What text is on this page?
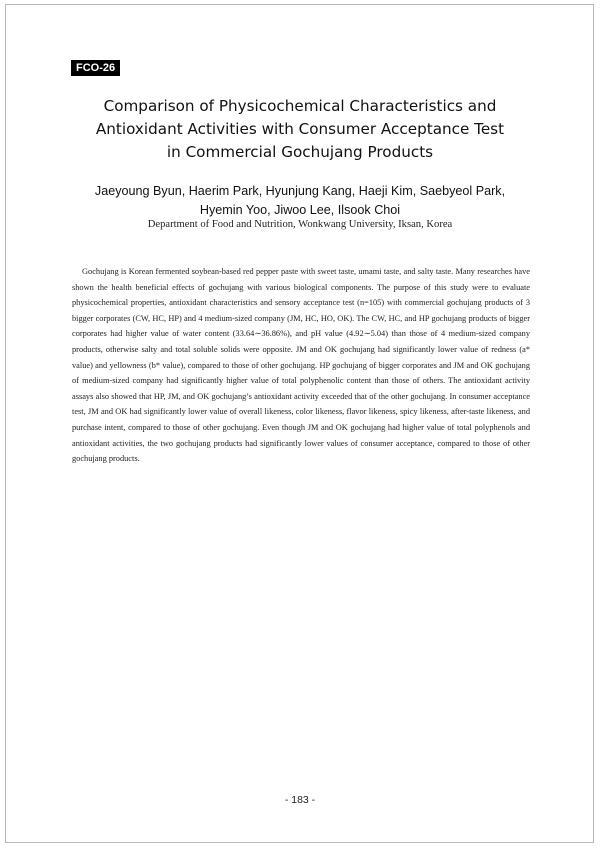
FCO-26
Comparison of Physicochemical Characteristics and
Antioxidant Activities with Consumer Acceptance Test
in Commercial Gochujang Products
Jaeyoung Byun, Haerim Park, Hyunjung Kang, Haeji Kim, Saebyeol Park,
Hyemin Yoo, Jiwoo Lee, Ilsook Choi
Department of Food and Nutrition, Wonkwang University, Iksan, Korea

Gochujang is Korean fermented soybean-based red pepper paste with sweet taste, umami taste, and salty taste. Many researches have shown the health beneficial effects of gochujang with various biological components. The purpose of this study were to evaluate physicochemical properties, antioxidant characteristics and sensory acceptance test (n=105) with commercial gochujang products of 3 bigger corporates (CW, HC, HP) and 4 medium-sized company (JM, HC, HO, OK). The CW, HC, and HP gochujang products of bigger corporates had higher value of water content (33.64∼36.86%), and pH value (4.92∼5.04) than those of 4 medium-sized company products, otherwise salty and total soluble solids were opposite. JM and OK gochujang had significantly lower value of redness (a* value) and yellowness (b* value), compared to those of other gochujang. HP gochujang of bigger corporates and JM and OK gochujang of medium-sized company had significantly higher value of total polyphenolic content than those of others. The antioxidant activity assays also showed that HP, JM, and OK gochujang’s antioxidant activity exceeded that of the other gochujang. In consumer acceptance test, JM and OK had significantly lower value of overall likeness, color likeness, flavor likeness, spicy likeness, after-taste likeness, and purchase intent, compared to those of other gochujang. Even though JM and OK gochujang had higher value of total polyphenols and antioxidant activities, the two gochujang products had significantly lower values of consumer acceptance, compared to those of other gochujang products.

- 183 -
